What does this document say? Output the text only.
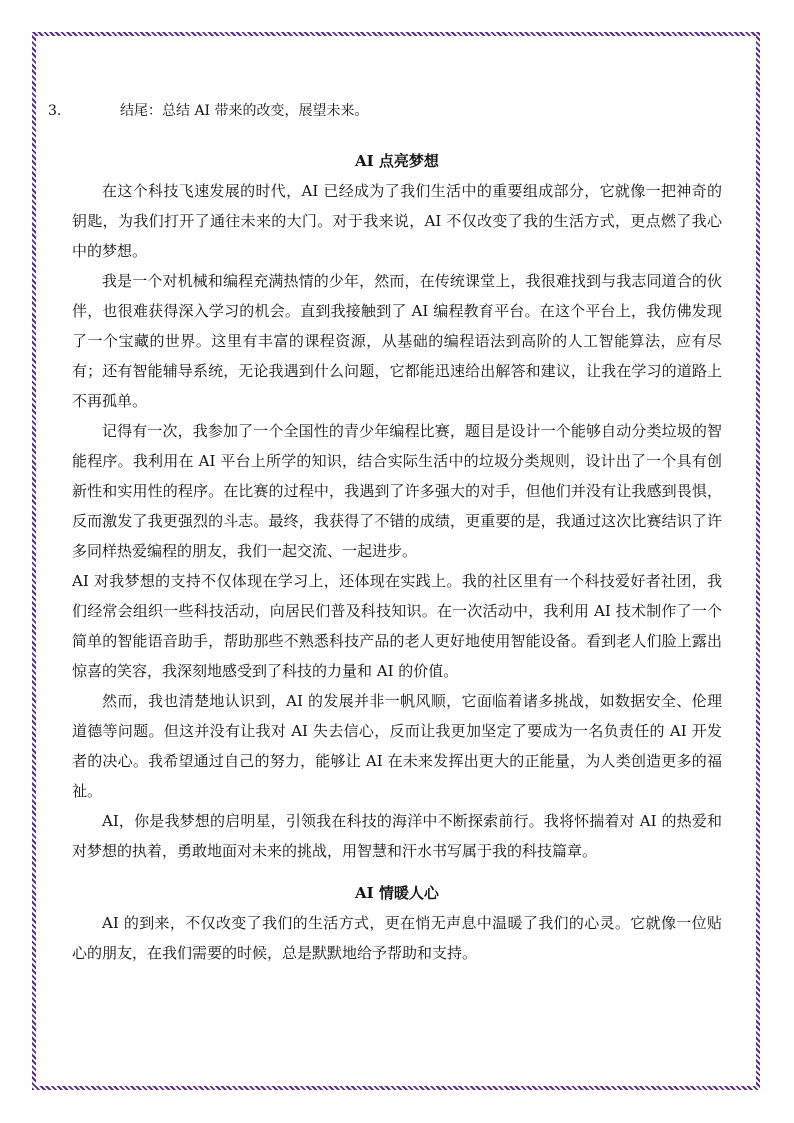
3.	结尾：总结 AI 带来的改变，展望未来。
AI 点亮梦想

在这个科技飞速发展的时代，AI 已经成为了我们生活中的重要组成部分，它就像一把神奇的钥匙，为我们打开了通往未来的大门。对于我来说，AI 不仅改变了我的生活方式，更点燃了我心中的梦想。

我是一个对机械和编程充满热情的少年，然而，在传统课堂上，我很难找到与我志同道合的伙伴，也很难获得深入学习的机会。直到我接触到了 AI 编程教育平台。在这个平台上，我仿佛发现了一个宝藏的世界。这里有丰富的课程资源，从基础的编程语法到高阶的人工智能算法，应有尽有；还有智能辅导系统，无论我遇到什么问题，它都能迅速给出解答和建议，让我在学习的道路上不再孤单。

记得有一次，我参加了一个全国性的青少年编程比赛，题目是设计一个能够自动分类垃圾的智能程序。我利用在 AI 平台上所学的知识，结合实际生活中的垃圾分类规则，设计出了一个具有创新性和实用性的程序。在比赛的过程中，我遇到了许多强大的对手，但他们并没有让我感到畏惧，反而激发了我更强烈的斗志。最终，我获得了不错的成绩，更重要的是，我通过这次比赛结识了许多同样热爱编程的朋友，我们一起交流、一起进步。

AI 对我梦想的支持不仅体现在学习上，还体现在实践上。我的社区里有一个科技爱好者社团，我们经常会组织一些科技活动，向居民们普及科技知识。在一次活动中，我利用 AI 技术制作了一个简单的智能语音助手，帮助那些不熟悉科技产品的老人更好地使用智能设备。看到老人们脸上露出惊喜的笑容，我深刻地感受到了科技的力量和 AI 的价值。

然而，我也清楚地认识到，AI 的发展并非一帆风顺，它面临着诸多挑战，如数据安全、伦理道德等问题。但这并没有让我对 AI 失去信心，反而让我更加坚定了要成为一名负责任的 AI 开发者的决心。我希望通过自己的努力，能够让 AI 在未来发挥出更大的正能量，为人类创造更多的福祉。

AI，你是我梦想的启明星，引领我在科技的海洋中不断探索前行。我将怀揣着对 AI 的热爱和对梦想的执着，勇敢地面对未来的挑战，用智慧和汗水书写属于我的科技篇章。

AI 情暖人心

AI 的到来，不仅改变了我们的生活方式，更在悄无声息中温暖了我们的心灵。它就像一位贴心的朋友，在我们需要的时候，总是默默地给予帮助和支持。
